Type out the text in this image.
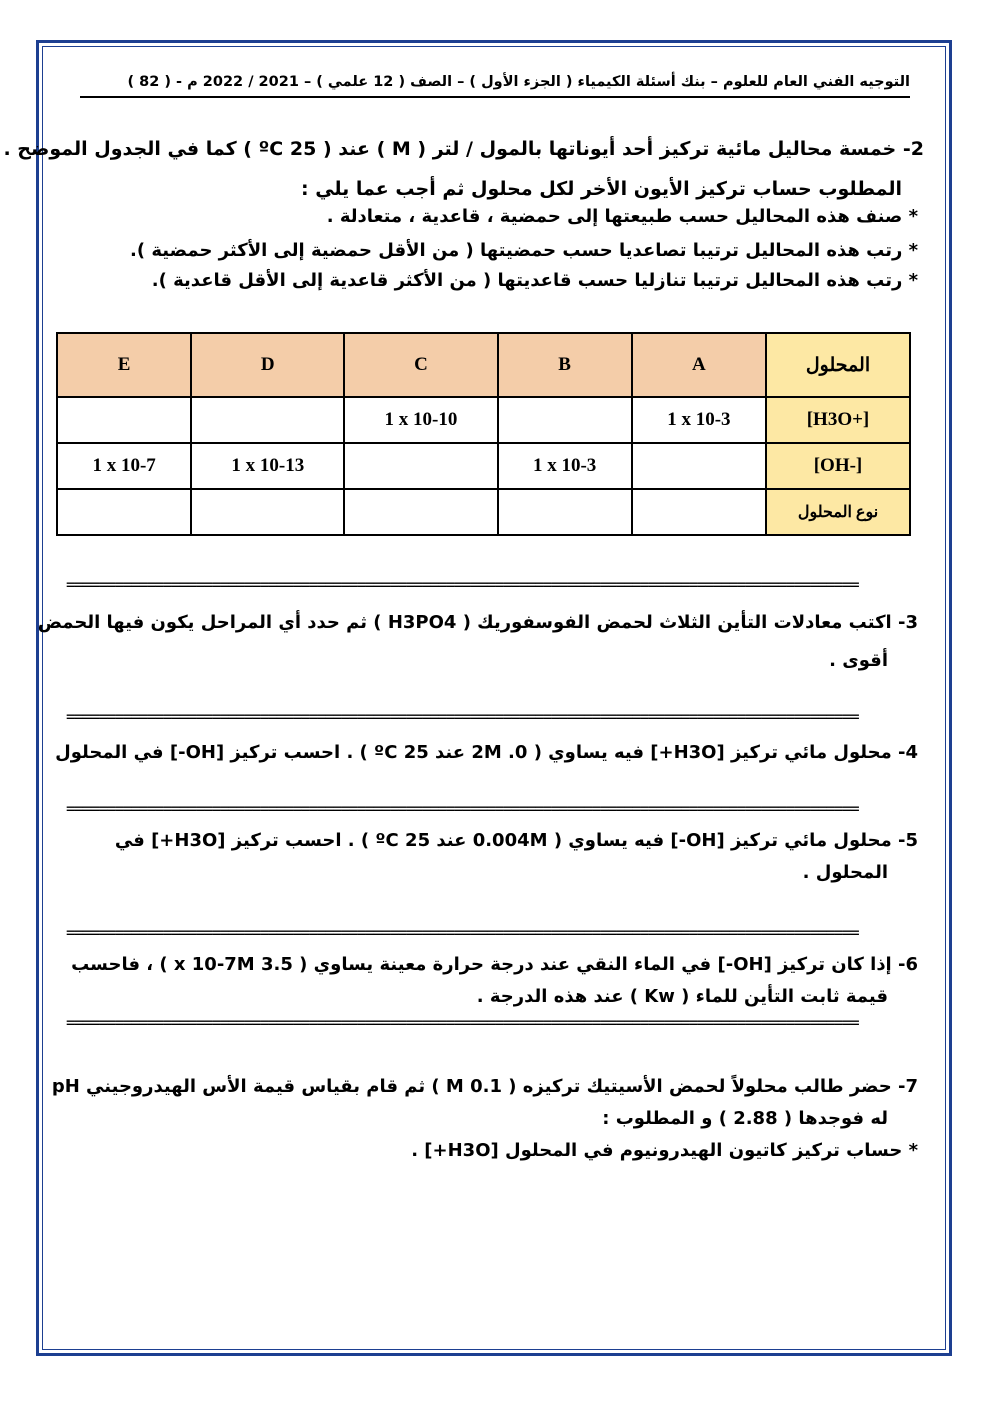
التوجيه الفني العام للعلوم – بنك أسئلة الكيمياء ( الجزء الأول ) – الصف ( 12 علمي ) – 2021 / 2022 م - ( 82 )
2- خمسة محاليل مائية تركيز أحد أيوناتها بالمول / لتر ( M ) عند ( 25 ºC ) كما في الجدول الموضح .
المطلوب حساب تركيز الأيون الأخر لكل محلول ثم أجب عما يلي :
* صنف هذه المحاليل حسب طبيعتها إلى حمضية ، قاعدية ، متعادلة .
* رتب هذه المحاليل ترتيبا تصاعديا حسب حمضيتها ( من الأقل حمضية إلى الأكثر حمضية ).
* رتب هذه المحاليل ترتيبا تنازليا حسب قاعديتها ( من الأكثر قاعدية إلى الأقل قاعدية ).
E	D	C	B	A	المحلول
		1 x 10-10		1 x 10-3	[H3O+]
1 x 10-7	1 x 10-13		1 x 10-3		[OH-]
					نوع المحلول
==================================================================================================
3- اكتب معادلات التأين الثلاث لحمض الفوسفوريك ( H3PO4 ) ثم حدد أي المراحل يكون فيها الحمض
أقوى .
==================================================================================================
4- محلول مائي تركيز [H3O+] فيه يساوي ( 0. 2M عند 25 ºC ) . احسب تركيز [OH-] في المحلول
==================================================================================================
5- محلول مائي تركيز [OH-] فيه يساوي ( 0.004M عند 25 ºC ) . احسب تركيز [H3O+] في
المحلول .
==================================================================================================
6- إذا كان تركيز [OH-] في الماء النقي عند درجة حرارة معينة يساوي ( 3.5 x 10-7M ) ، فاحسب
قيمة ثابت التأين للماء ( Kw ) عند هذه الدرجة .
==================================================================================================
7- حضر طالب محلولاً لحمض الأسيتيك تركيزه ( 0.1 M ) ثم قام بقياس قيمة الأس الهيدروجيني pH
له فوجدها ( 2.88 ) و المطلوب :
* حساب تركيز كاتيون الهيدرونيوم في المحلول [H3O+] .
